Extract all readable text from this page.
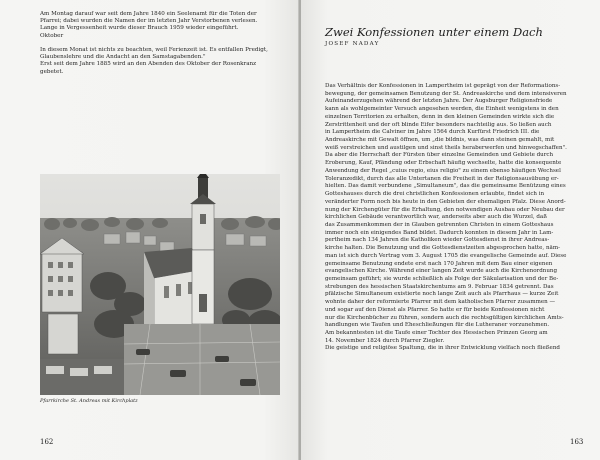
Am Montag darauf war seit dem Jahre 1840 ein Seelenamt für die Toten der
Pfarrei; dabei wurden die Namen der im letzten Jahr Verstorbenen verlesen.
Lange in Vergessenheit wurde dieser Brauch 1959 wieder eingeführt.
Oktober
In diesem Monat ist nichts zu beachten, weil Ferienzeit ist. Es entfallen Predigt,
Glaubenslehre und die Andacht an den Samstagabenden."
Erst seit dem Jahre 1885 wird an den Abenden des Oktober der Rosenkranz
gebetet.
Pfarrkirche St. Andreas mit Kirchplatz
162
Zwei Konfessionen unter einem Dach
JOSEF NADAY
Das Verhältnis der Konfessionen in Lampertheim ist geprägt von der Reformations-
bewegung, der gemeinsamen Benutzung der St. Andreaskirche und dem intensiveren
Aufeinanderzugehen während der letzten Jahre. Der Augsburger Religionsfriede
kann als wohlgemeinter Versuch angesehen werden, die Einheit wenigstens in den
einzelnen Territorien zu erhalten, denn in den kleinen Gemeinden wirkte sich die
Zerstrittenheit und der oft blinde Eifer besonders nachteilig aus. So ließen auch
in Lampertheim die Calviner im Jahre 1564 durch Kurfürst Friedrich III. die
Andreaskirche mit Gewalt öffnen, um „die bildnis, was dann steinen gemahlt, mit
weiß verstreichen und austilgen und sinst theils heraberwerfen und hinwegschaffen".
Da aber die Herrschaft der Fürsten über einzelne Gemeinden und Gebiete durch
Eroberung, Kauf, Pfändung oder Erbschaft häufig wechselte, hatte die konsequente
Anwendung der Regel „cuius regio, eius religio" zu einem ebenso häufigen Wechsel
Toleranzedikt, durch das alle Untertanen die Freiheit in der Religionsausübung er-
hielten. Das damit verbundene „Simultaneum", das die gemeinsame Benützung eines
Gotteshauses durch die drei christlichen Konfessionen erlaubte, findet sich in
veränderter Form noch bis heute in den Gebieten der ehemaligen Pfalz. Diese Anord-
nung der Kirchengüter für die Erhaltung, den notwendigen Ausbau oder Neubau der
kirchlichen Gebäude verantwortlich war, anderseits aber auch die Wurzel, daß
das Zusammenkommen der in Glauben getrennten Christen in einem Gotteshaus
immer noch ein einigendes Band bildet. Dadurch konnten in diesem Jahr in Lam-
pertheim nach 134 Jahren die Katholiken wieder Gottesdienst in ihrer Andreas-
kirche halten. Die Benutzung und die Gottesdienstzeiten abgesprochen hatte, näm-
man ist sich durch Vertrag vom 3. August 1705 die evangelische Gemeinde auf. Diese
gemeinsame Benutzung endete erst nach 170 Jahren mit dem Bau einer eigenen
evangelischen Kirche. Während einer langen Zeit wurde auch die Kirchenordnung
gemeinsam geführt; sie wurde schließlich als Folge der Säkularisation und der Be-
strebungen des hessischen Staatskirchentums am 9. Februar 1834 getrennt. Das
pfälzische Simultaneum existierte noch lange Zeit auch als Pfarrhaus — kurze Zeit
wohnte daher der reformierte Pfarrer mit dem katholischen Pfarrer zusammen —
und sogar auf den Dienst als Pfarrer. So hatte er für beide Konfessionen nicht
nur die Kirchenbücher zu führen, sondern auch die rechtsgültigen kirchlichen Amts-
handlungen wie Taufen und Eheschließungen für die Lutheraner vorzunehmen.
Am bekanntesten ist die Taufe einer Tochter des Hessischen Prinzen Georg am
14. November 1824 durch Pfarrer Ziegler.
Die geistige und religiöse Spaltung, die in ihrer Entwicklung vielfach noch fließend
163
